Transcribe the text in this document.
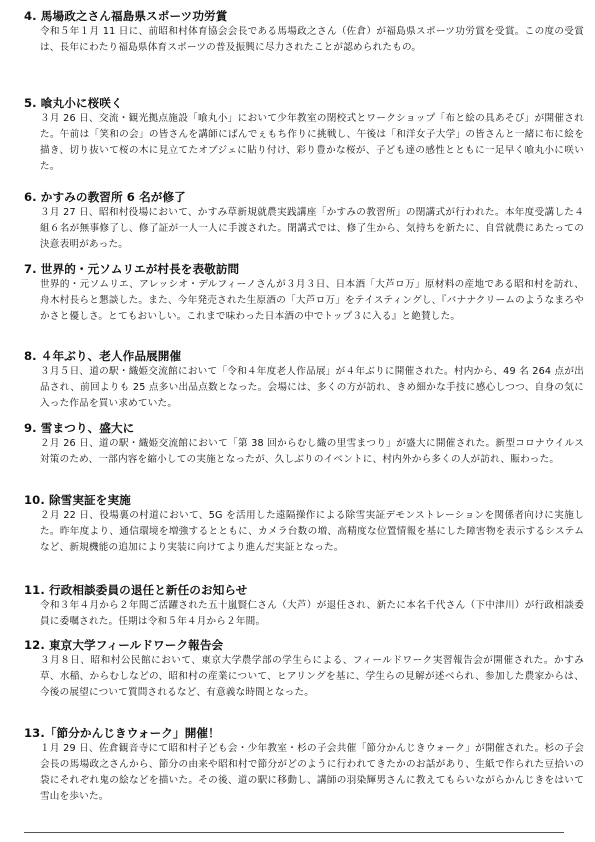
4. 馬場政之さん福島県スポーツ功労賞
令和５年１月 11 日に、前昭和村体育協会会長である馬場政之さん（佐倉）が福島県スポーツ功労賞を受賞。この度の受賞は、長年にわたり福島県体育スポーツの普及振興に尽力されたことが認められたもの。
5. 喰丸小に桜咲く
３月 26 日、交流・観光拠点施設「喰丸小」において少年教室の閉校式とワークショップ「布と絵の具あそび」が開催された。午前は「笑和の会」の皆さんを講師にばんでぇもち作りに挑戦し、午後は「和洋女子大学」の皆さんと一緒に布に絵を描き、切り抜いて桜の木に見立てたオブジェに貼り付け、彩り豊かな桜が、子ども達の感性とともに一足早く喰丸小に咲いた。
6. かすみの教習所 6 名が修了
３月 27 日、昭和村役場において、かすみ草新規就農実践講座「かすみの教習所」の閉講式が行われた。本年度受講した４組６名が無事修了し、修了証が一人一人に手渡された。閉講式では、修了生から、気持ちを新たに、自営就農にあたっての決意表明があった。
7. 世界的・元ソムリエが村長を表敬訪問
世界的・元ソムリエ、アレッシオ・デルフィーノさんが３月３日、日本酒「大芦ロ万」原材料の産地である昭和村を訪れ、舟木村長らと懇談した。また、今年発売された生原酒の「大芦ロ万」をテイスティングし、『バナナクリームのようなまろやかさと優しさ。とてもおいしい。これまで味わった日本酒の中でトップ３に入る』と絶賛した。
8. ４年ぶり、老人作品展開催
３月５日、道の駅・織姫交流館において「令和４年度老人作品展」が４年ぶりに開催された。村内から、49 名 264 点が出品され、前回よりも 25 点多い出品点数となった。会場には、多くの方が訪れ、きめ細かな手技に感心しつつ、自身の気に入った作品を買い求めていた。
9. 雪まつり、盛大に
２月 26 日、道の駅・織姫交流館において「第 38 回からむし織の里雪まつり」が盛大に開催された。新型コロナウイルス対策のため、一部内容を縮小しての実施となったが、久しぶりのイベントに、村内外から多くの人が訪れ、賑わった。
10. 除雪実証を実施
２月 22 日、役場裏の村道において、5G を活用した遠隔操作による除雪実証デモンストレーションを関係者向けに実施した。昨年度より、通信環境を増強するとともに、カメラ台数の増、高精度な位置情報を基にした障害物を表示するシステムなど、新規機能の追加により実装に向けてより進んだ実証となった。
11. 行政相談委員の退任と新任のお知らせ
令和３年４月から２年間ご活躍された五十嵐賢仁さん（大芦）が退任され、新たに本名千代さん（下中津川）が行政相談委員に委嘱された。任期は令和５年４月から２年間。
12. 東京大学フィールドワーク報告会
３月８日、昭和村公民館において、東京大学農学部の学生らによる、フィールドワーク実習報告会が開催された。かすみ草、水稲、からむしなどの、昭和村の産業について、ヒアリングを基に、学生らの見解が述べられ、参加した農家からは、今後の展望について質問されるなど、有意義な時間となった。
13.「節分かんじきウォーク」開催！
１月 29 日、佐倉観音寺にて昭和村子ども会・少年教室・杉の子会共催「節分かんじきウォーク」が開催された。杉の子会会長の馬場政之さんから、節分の由来や昭和村で節分がどのように行われてきたかのお話があり、生紙で作られた豆拾いの袋にそれぞれ鬼の絵などを描いた。その後、道の駅に移動し、講師の羽染輝男さんに教えてもらいながらかんじきをはいて雪山を歩いた。
